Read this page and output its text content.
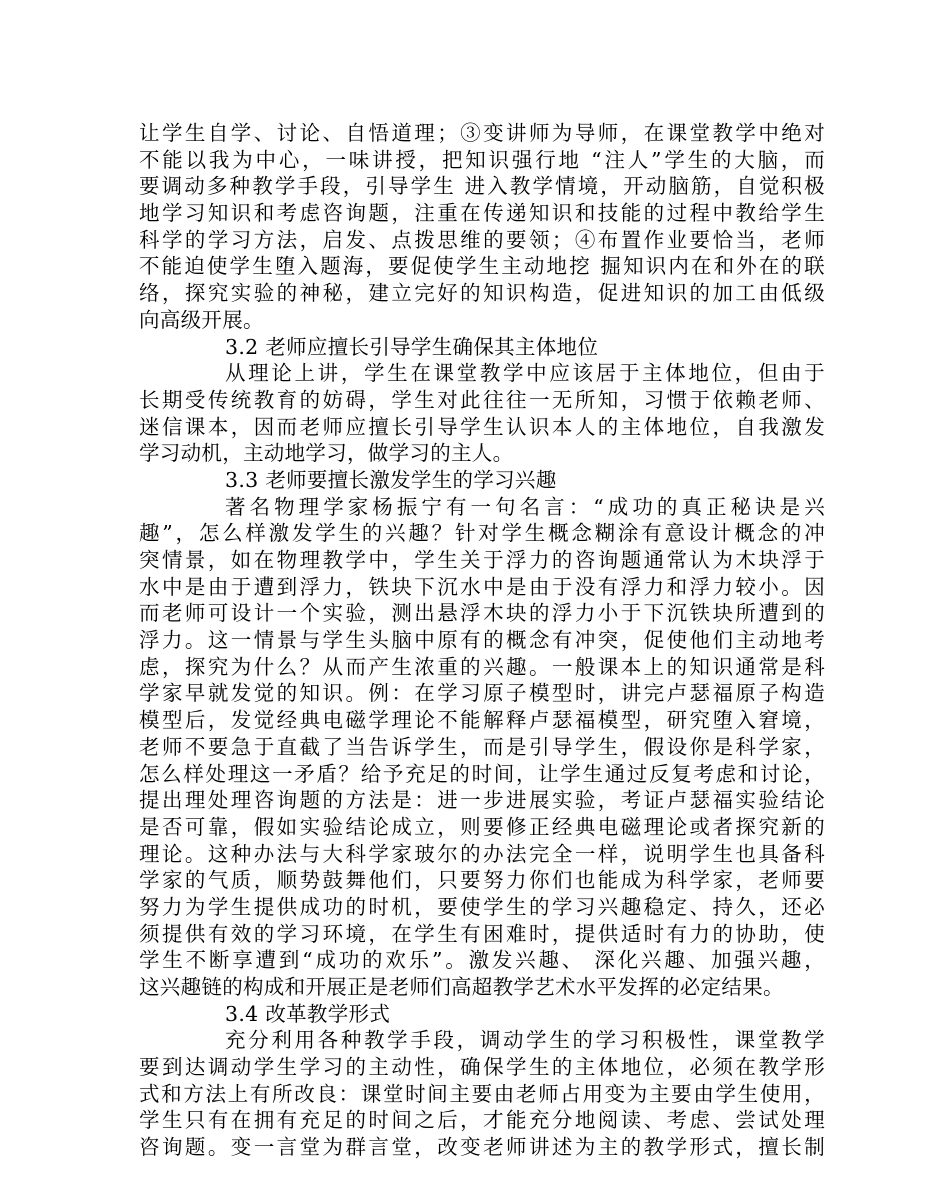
让学生自学、讨论、自悟道理；③变讲师为导师，在课堂教学中绝对
不能以我为中心，一味讲授，把知识强行地 “注人”学生的大脑，而
要调动多种教学手段，引导学生 进入教学情境，开动脑筋，自觉积极
地学习知识和考虑咨询题，注重在传递知识和技能的过程中教给学生
科学的学习方法，启发、点拨思维的要领；④布置作业要恰当，老师
不能迫使学生堕入题海，要促使学生主动地挖 掘知识内在和外在的联
络，探究实验的神秘，建立完好的知识构造，促进知识的加工由低级
向高级开展。
3.2 老师应擅长引导学生确保其主体地位
从理论上讲，学生在课堂教学中应该居于主体地位，但由于
长期受传统教育的妨碍，学生对此往往一无所知，习惯于依赖老师、
迷信课本，因而老师应擅长引导学生认识本人的主体地位，自我激发
学习动机，主动地学习，做学习的主人。
3.3 老师要擅长激发学生的学习兴趣
著名物理学家杨振宁有一句名言：“成功的真正秘诀是兴
趣”，怎么样激发学生的兴趣？针对学生概念糊涂有意设计概念的冲
突情景，如在物理教学中，学生关于浮力的咨询题通常认为木块浮于
水中是由于遭到浮力，铁块下沉水中是由于没有浮力和浮力较小。因
而老师可设计一个实验，测出悬浮木块的浮力小于下沉铁块所遭到的
浮力。这一情景与学生头脑中原有的概念有冲突，促使他们主动地考
虑，探究为什么？从而产生浓重的兴趣。一般课本上的知识通常是科
学家早就发觉的知识。例：在学习原子模型时，讲完卢瑟福原子构造
模型后，发觉经典电磁学理论不能解释卢瑟福模型，研究堕入窘境，
老师不要急于直截了当告诉学生，而是引导学生，假设你是科学家，
怎么样处理这一矛盾？给予充足的时间，让学生通过反复考虑和讨论，
提出理处理咨询题的方法是：进一步进展实验，考证卢瑟福实验结论
是否可靠，假如实验结论成立，则要修正经典电磁理论或者探究新的
理论。这种办法与大科学家玻尔的办法完全一样，说明学生也具备科
学家的气质，顺势鼓舞他们，只要努力你们也能成为科学家，老师要
努力为学生提供成功的时机，要使学生的学习兴趣稳定、持久，还必
须提供有效的学习环境，在学生有困难时，提供适时有力的协助，使
学生不断享遭到“成功的欢乐”。激发兴趣、 深化兴趣、加强兴趣，
这兴趣链的构成和开展正是老师们高超教学艺术水平发挥的必定结果。
3.4 改革教学形式
充分利用各种教学手段，调动学生的学习积极性，课堂教学
要到达调动学生学习的主动性，确保学生的主体地位，必须在教学形
式和方法上有所改良：课堂时间主要由老师占用变为主要由学生使用，
学生只有在拥有充足的时间之后，才能充分地阅读、考虑、尝试处理
咨询题。变一言堂为群言堂，改变老师讲述为主的教学形式，擅长制
